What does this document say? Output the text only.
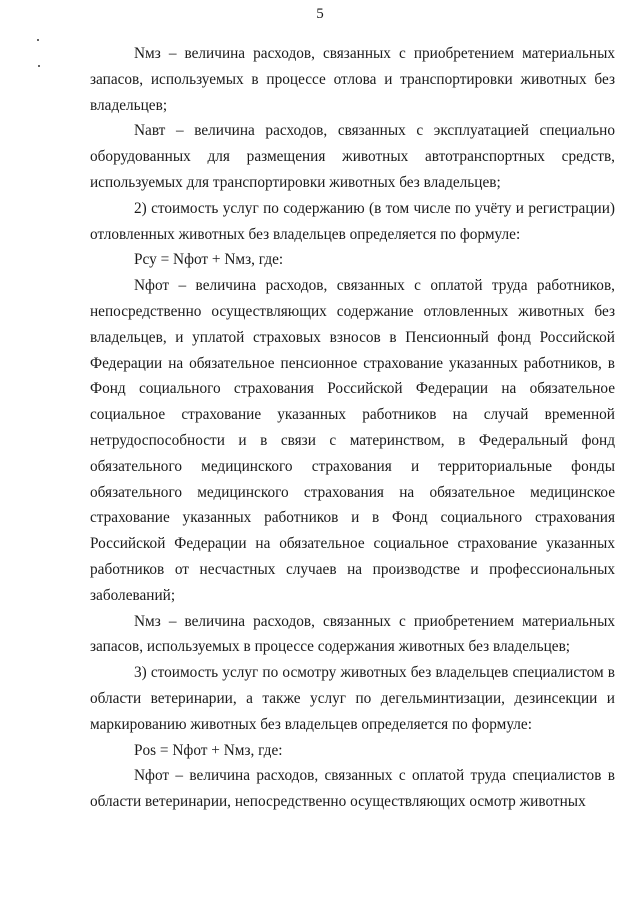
5

Nмз – величина расходов, связанных с приобретением материальных запасов, используемых в процессе отлова и транспортировки животных без владельцев;

Nавт – величина расходов, связанных с эксплуатацией специально оборудованных для размещения животных автотранспортных средств, используемых для транспортировки животных без владельцев;

2) стоимость услуг по содержанию (в том числе по учёту и регистрации) отловленных животных без владельцев определяется по формуле:

Pсу = Nфот + Nмз, где:

Nфот – величина расходов, связанных с оплатой труда работников, непосредственно осуществляющих содержание отловленных животных без владельцев, и уплатой страховых взносов в Пенсионный фонд Российской Федерации на обязательное пенсионное страхование указанных работников, в Фонд социального страхования Российской Федерации на обязательное социальное страхование указанных работников на случай временной нетрудоспособности и в связи с материнством, в Федеральный фонд обязательного медицинского страхования и территориальные фонды обязательного медицинского страхования на обязательное медицинское страхование указанных работников и в Фонд социального страхования Российской Федерации на обязательное социальное страхование указанных работников от несчастных случаев на производстве и профессиональных заболеваний;

Nмз – величина расходов, связанных с приобретением материальных запасов, используемых в процессе содержания животных без владельцев;

3) стоимость услуг по осмотру животных без владельцев специалистом в области ветеринарии, а также услуг по дегельминтизации, дезинсекции и маркированию животных без владельцев определяется по формуле:

Pos = Nфот + Nмз, где:

Nфот – величина расходов, связанных с оплатой труда специалистов в области ветеринарии, непосредственно осуществляющих осмотр животных
